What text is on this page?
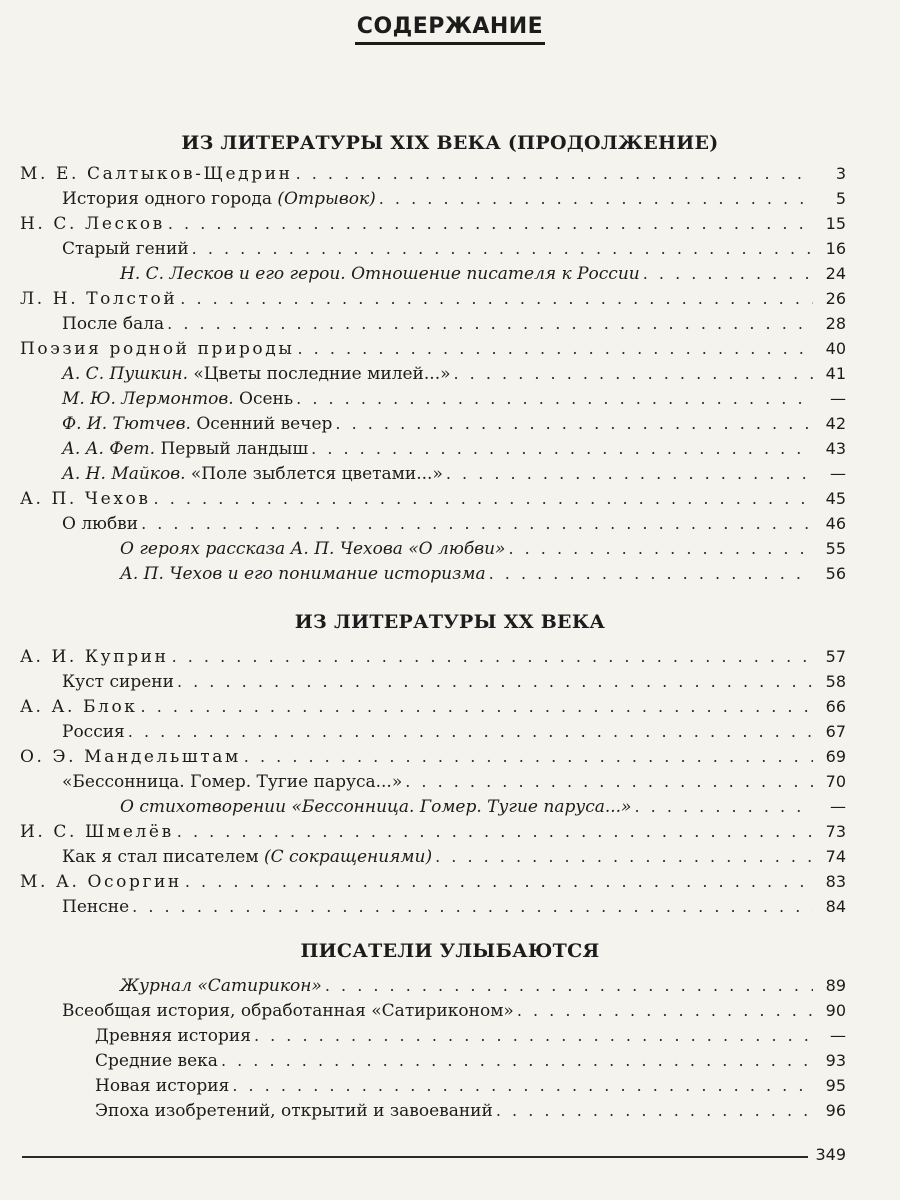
СОДЕРЖАНИЕ
ИЗ ЛИТЕРАТУРЫ XIX ВЕКА (ПРОДОЛЖЕНИЕ)
М. Е. Салтыков-Щедрин . . .	3
История одного города (Отрывок) . . .	5
Н. С. Лесков . . .	15
Старый гений . . .	16
Н. С. Лесков и его герои. Отношение писателя к России . . .	24
Л. Н. Толстой . . .	26
После бала . . .	28
Поэзия родной природы . . .	40
А. С. Пушкин. «Цветы последние милей...» . . .	41
М. Ю. Лермонтов. Осень . . .	—
Ф. И. Тютчев. Осенний вечер . . .	42
А. А. Фет. Первый ландыш . . .	43
А. Н. Майков. «Поле зыблется цветами...» . . .	—
А. П. Чехов . . .	45
О любви . . .	46
О героях рассказа А. П. Чехова «О любви» . . .	55
А. П. Чехов и его понимание историзма . . .	56
ИЗ ЛИТЕРАТУРЫ XX ВЕКА
А. И. Куприн . . .	57
Куст сирени . . .	58
А. А. Блок . . .	66
Россия . . .	67
О. Э. Мандельштам . . .	69
«Бессонница. Гомер. Тугие паруса...» . . .	70
О стихотворении «Бессонница. Гомер. Тугие паруса...» . . .	—
И. С. Шмелёв . . .	73
Как я стал писателем (С сокращениями) . . .	74
М. А. Осоргин . . .	83
Пенсне . . .	84
ПИСАТЕЛИ УЛЫБАЮТСЯ
Журнал «Сатирикон» . . .	89
Всеобщая история, обработанная «Сатириконом» . . .	90
Древняя история . . .	—
Средние века . . .	93
Новая история . . .	95
Эпоха изобретений, открытий и завоеваний . . .	96
349
